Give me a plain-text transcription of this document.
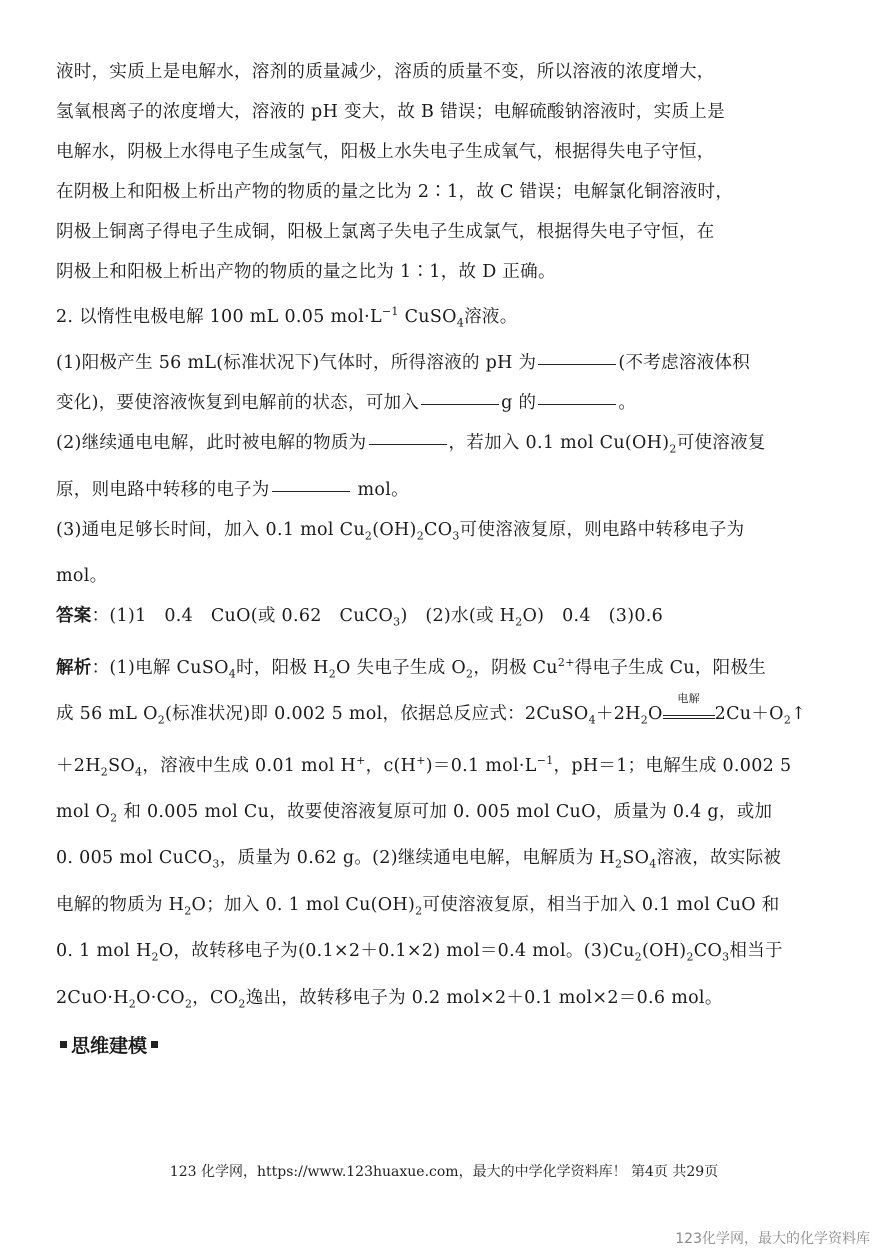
液时，实质上是电解水，溶剂的质量减少，溶质的质量不变，所以溶液的浓度增大，
氢氧根离子的浓度增大，溶液的 pH 变大，故 B 错误；电解硫酸钠溶液时，实质上是
电解水，阴极上水得电子生成氢气，阳极上水失电子生成氧气，根据得失电子守恒，
在阴极上和阳极上析出产物的物质的量之比为 2∶1，故 C 错误；电解氯化铜溶液时，
阴极上铜离子得电子生成铜，阳极上氯离子失电子生成氯气，根据得失电子守恒，在
阴极上和阳极上析出产物的物质的量之比为 1∶1，故 D 正确。
2. 以惰性电极电解 100 mL 0.05 $mol\cdot L^{-1}$ CuSO$_4$溶液。
(1)阳极产生 56 mL(标准状况下)气体时，所得溶液的 pH 为	(不考虑溶液体积
变化)，要使溶液恢复到电解前的状态，可加入	g 的	。
(2)继续通电电解，此时被电解的物质为	，若加入 0.1 mol $Cu(OH)_2$可使溶液复
原，则电路中转移的电子为	mol。
(3)通电足够长时间，加入 0.1 mol $Cu_2(OH)_2CO_3$可使溶液复原，则电路中转移电子为
mol。
答案：(1)1　0.4　CuO(或 0.62　CuCO$_3$)　(2)水(或 $H_2O$)　0.4　(3)0.6
解析：(1)电解 CuSO$_4$时，阳极 $H_2O$ 失电子生成 $O_2$，阴极 $Cu^{2+}$得电子生成 Cu，阳极生
成 56 mL $O_2$(标准状况)即 0.002 5 mol，依据总反应式：$2CuSO_4+2H_2O$
电解
$2Cu+O_2↑$
$+2H_2SO_4$，溶液中生成 0.01 mol H+，c(H+)＝0.1 $mol\cdot L^{-1}$，pH＝1；电解生成 0.002 5
mol $O_2$ 和 0.005 mol Cu，故要使溶液复原可加 0. 005 mol CuO，质量为 0.4 g，或加
0. 005 mol CuCO$_3$，质量为 0.62 g。(2)继续通电电解，电解质为 $H_2SO_4$溶液，故实际被
电解的物质为 $H_2O$；加入 0. 1 mol $Cu(OH)_2$可使溶液复原，相当于加入 0.1 mol CuO 和
0. 1 mol $H_2O$，故转移电子为(0.1×2＋0.1×2) mol＝0.4 mol。$(3)Cu_2(OH)_2CO_3$相当于
$2CuO\cdot H_2O\cdot CO_2$，$CO_2$逸出，故转移电子为 0.2 mol×2＋0.1 mol×2＝0.6 mol。
思维建模
123 化学网，https://www.123huaxue.com，最大的中学化学资料库！ 第4页 共29页
123化学网，最大的化学资料库
